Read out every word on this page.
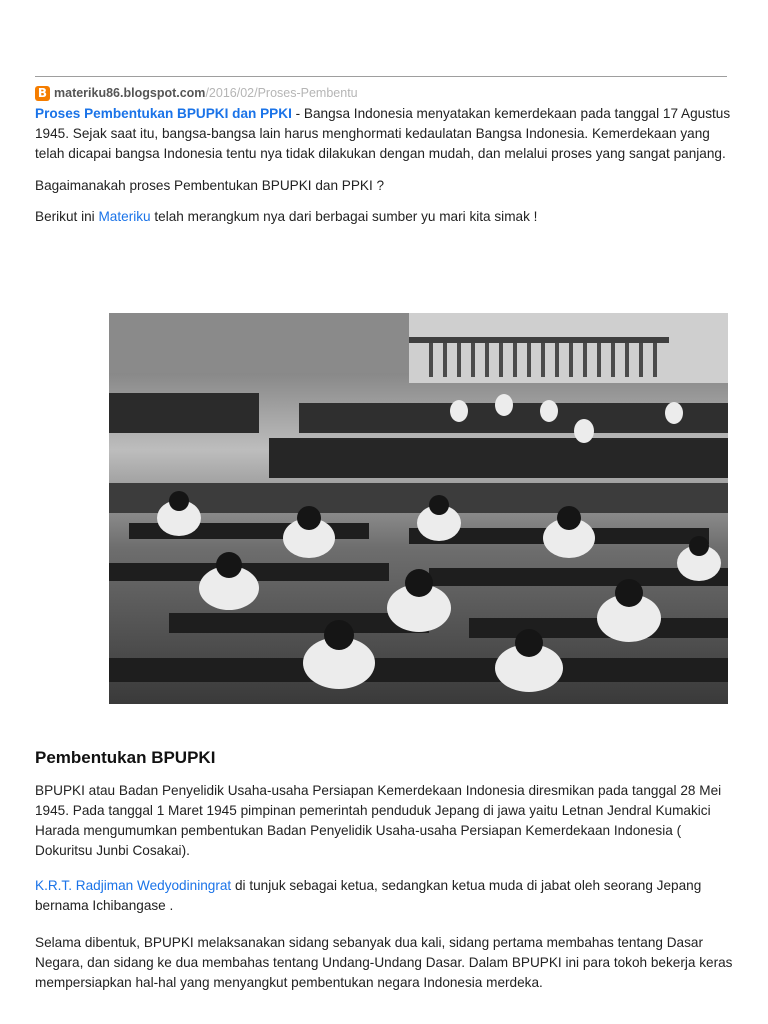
B materiku86.blogspot.com /2016/02/Proses-Pembentu

Proses Pembentukan BPUPKI dan PPKI - Bangsa Indonesia menyatakan kemerdekaan pada tanggal 17 Agustus
1945. Sejak saat itu, bangsa-bangsa lain harus menghormati kedaulatan Bangsa Indonesia. Kemerdekaan yang
telah dicapai bangsa Indonesia tentu nya tidak dilakukan dengan mudah, dan melalui proses yang sangat panjang.

Bagaimanakah proses Pembentukan BPUPKI dan PPKI ?

Berikut ini Materiku telah merangkum nya dari berbagai sumber yu mari kita simak !

Pembentukan BPUPKI

BPUPKI atau Badan Penyelidik Usaha-usaha Persiapan Kemerdekaan Indonesia diresmikan pada tanggal 28 Mei
1945. Pada tanggal 1 Maret 1945 pimpinan pemerintah penduduk Jepang di jawa yaitu Letnan Jendral Kumakici
Harada mengumumkan pembentukan Badan Penyelidik Usaha-usaha Persiapan Kemerdekaan Indonesia (
Dokuritsu Junbi Cosakai).

K.R.T. Radjiman Wedyodiningrat di tunjuk sebagai ketua, sedangkan ketua muda di jabat oleh seorang Jepang
bernama Ichibangase .

Selama dibentuk, BPUPKI melaksanakan sidang sebanyak dua kali, sidang pertama membahas tentang Dasar
Negara, dan sidang ke dua membahas tentang Undang-Undang Dasar. Dalam BPUPKI ini para tokoh bekerja keras
mempersiapkan hal-hal yang menyangkut pembentukan negara Indonesia merdeka.
